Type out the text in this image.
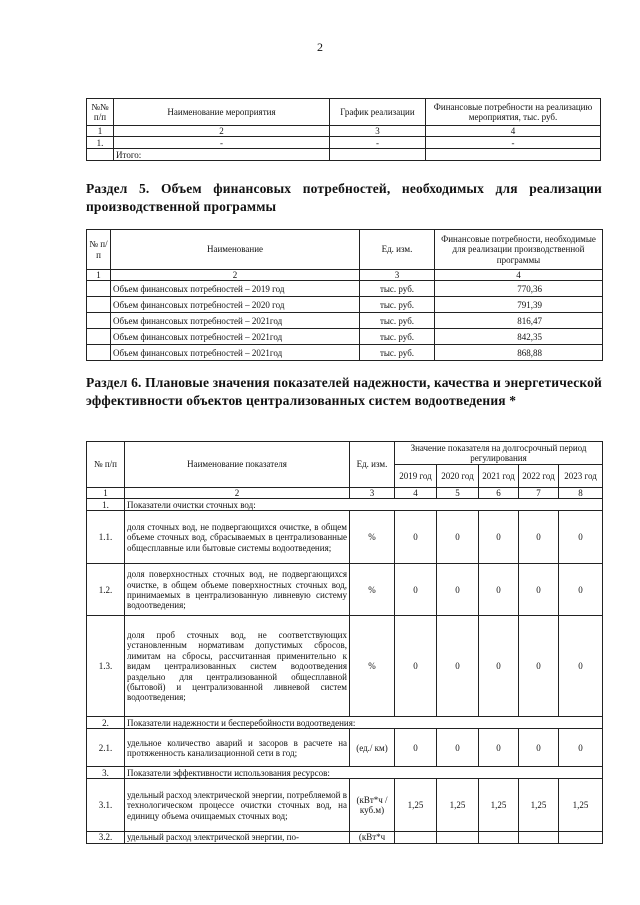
2
№№ п/п	Наименование мероприятия	График реализации	Финансовые потребности на реализацию мероприятия, тыс. руб.
1	2	3	4
1.	-	-	-
	Итого:		
Раздел 5. Объем финансовых потребностей, необходимых для реализации производственной программы
№ п/п	Наименование	Ед. изм.	Финансовые потребности, необходимые для реализации производственной программы
1	2	3	4
	Объем финансовых потребностей – 2019 год	тыс. руб.	770,36
	Объем финансовых потребностей – 2020 год	тыс. руб.	791,39
	Объем финансовых потребностей – 2021год	тыс. руб.	816,47
	Объем финансовых потребностей – 2021год	тыс. руб.	842,35
	Объем финансовых потребностей – 2021год	тыс. руб.	868,88
Раздел 6. Плановые значения показателей надежности, качества и энергетической эффективности объектов централизованных систем водоотведения *
№ п/п	Наименование показателя	Ед. изм.	Значение показателя на долгосрочный период регулирования				
			2019 год	2020 год	2021 год	2022 год	2023 год
1	2	3	4	5	6	7	8
1.	Показатели очистки сточных вод:						
1.1.	доля сточных вод, не подвергающихся очистке, в общем объеме сточных вод, сбрасываемых в централизованные общесплавные или бытовые системы водоотведения;	%	0	0	0	0	0
1.2.	доля поверхностных сточных вод, не подвергающихся очистке, в общем объеме поверхностных сточных вод, принимаемых в централизованную ливневую систему водоотведения;	%	0	0	0	0	0
1.3.	доля проб сточных вод, не соответствующих установленным нормативам допустимых сбросов, лимитам на сбросы, рассчитанная применительно к видам централизованных систем водоотведения раздельно для централизованной общесплавной (бытовой) и централизованной ливневой систем водоотведения;	%	0	0	0	0	0
2.	Показатели надежности и бесперебойности водоотведения:						
2.1.	удельное количество аварий и засоров в расчете на протяженность канализационной сети в год;	(ед./ км)	0	0	0	0	0
3.	Показатели эффективности использования ресурсов:						
3.1.	удельный расход электрической энергии, потребляемой в технологическом процессе очистки сточных вод, на единицу объема очищаемых сточных вод;	(кВт*ч / куб.м)	1,25	1,25	1,25	1,25	1,25
3.2.	удельный расход электрической энергии, по-	(кВт*ч					
